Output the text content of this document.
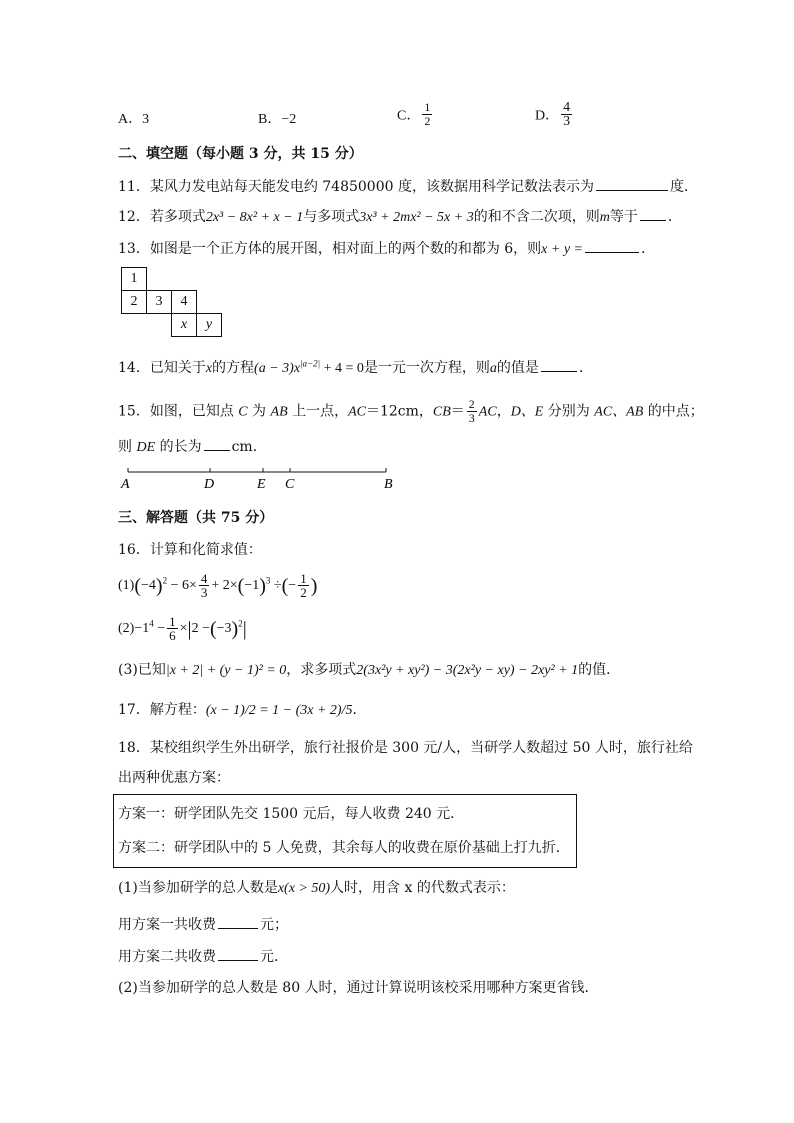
A．3	B．−2	C． $\frac{1}{2}$	D． $\frac{4}{3}$
二、填空题（每小题 3 分，共 15 分）
11．某风力发电站每天能发电约 74850000 度，该数据用科学记数法表示为	度．
12．若多项式2x³ − 8x² + x − 1与多项式3x³ + 2mx² − 5x + 3的和不含二次项，则m等于 ．
13．如图是一个正方体的展开图，相对面上的两个数的和都为 6，则x + y =	．
1			
2	3	4	
		x	y
14．已知关于x的方程$(a - 3)x^{|a-2|} + 4 = 0$是一元一次方程，则a的值是	．
15．如图，已知点 C 为 AB 上一点，AC＝12cm，$CB= \frac{2}{3}$ AC，D、E 分别为 AC、AB 的中点；
则 DE 的长为 cm．
A	D	E C	B
三、解答题（共 75 分）
16．计算和化简求值：
$(1)(-4)^2 - 6\times \frac{4}{3} + 2\times(-1)^3$ ÷(− $\frac{1}{2}$ )
$(2)-1^4 - \frac{1}{6} \times|2 -(-3)^2|$
(3)已知|x + 2| + (y − 1)² = 0，求多项式2(3x²y + xy²) − 3(2x²y − xy) − 2xy² + 1的值．
17．解方程：(x − 1)/2 = 1 − (3x + 2)/5．
18．某校组织学生外出研学，旅行社报价是 300 元/人，当研学人数超过 50 人时，旅行社给
出两种优惠方案：
方案一：研学团队先交 1500 元后，每人收费 240 元．
方案二：研学团队中的 5 人免费，其余每人的收费在原价基础上打九折．
(1)当参加研学的总人数是x(x > 50)人时，用含 x 的代数式表示：
用方案一共收费	元；
用方案二共收费	元．
(2)当参加研学的总人数是 80 人时，通过计算说明该校采用哪种方案更省钱．
